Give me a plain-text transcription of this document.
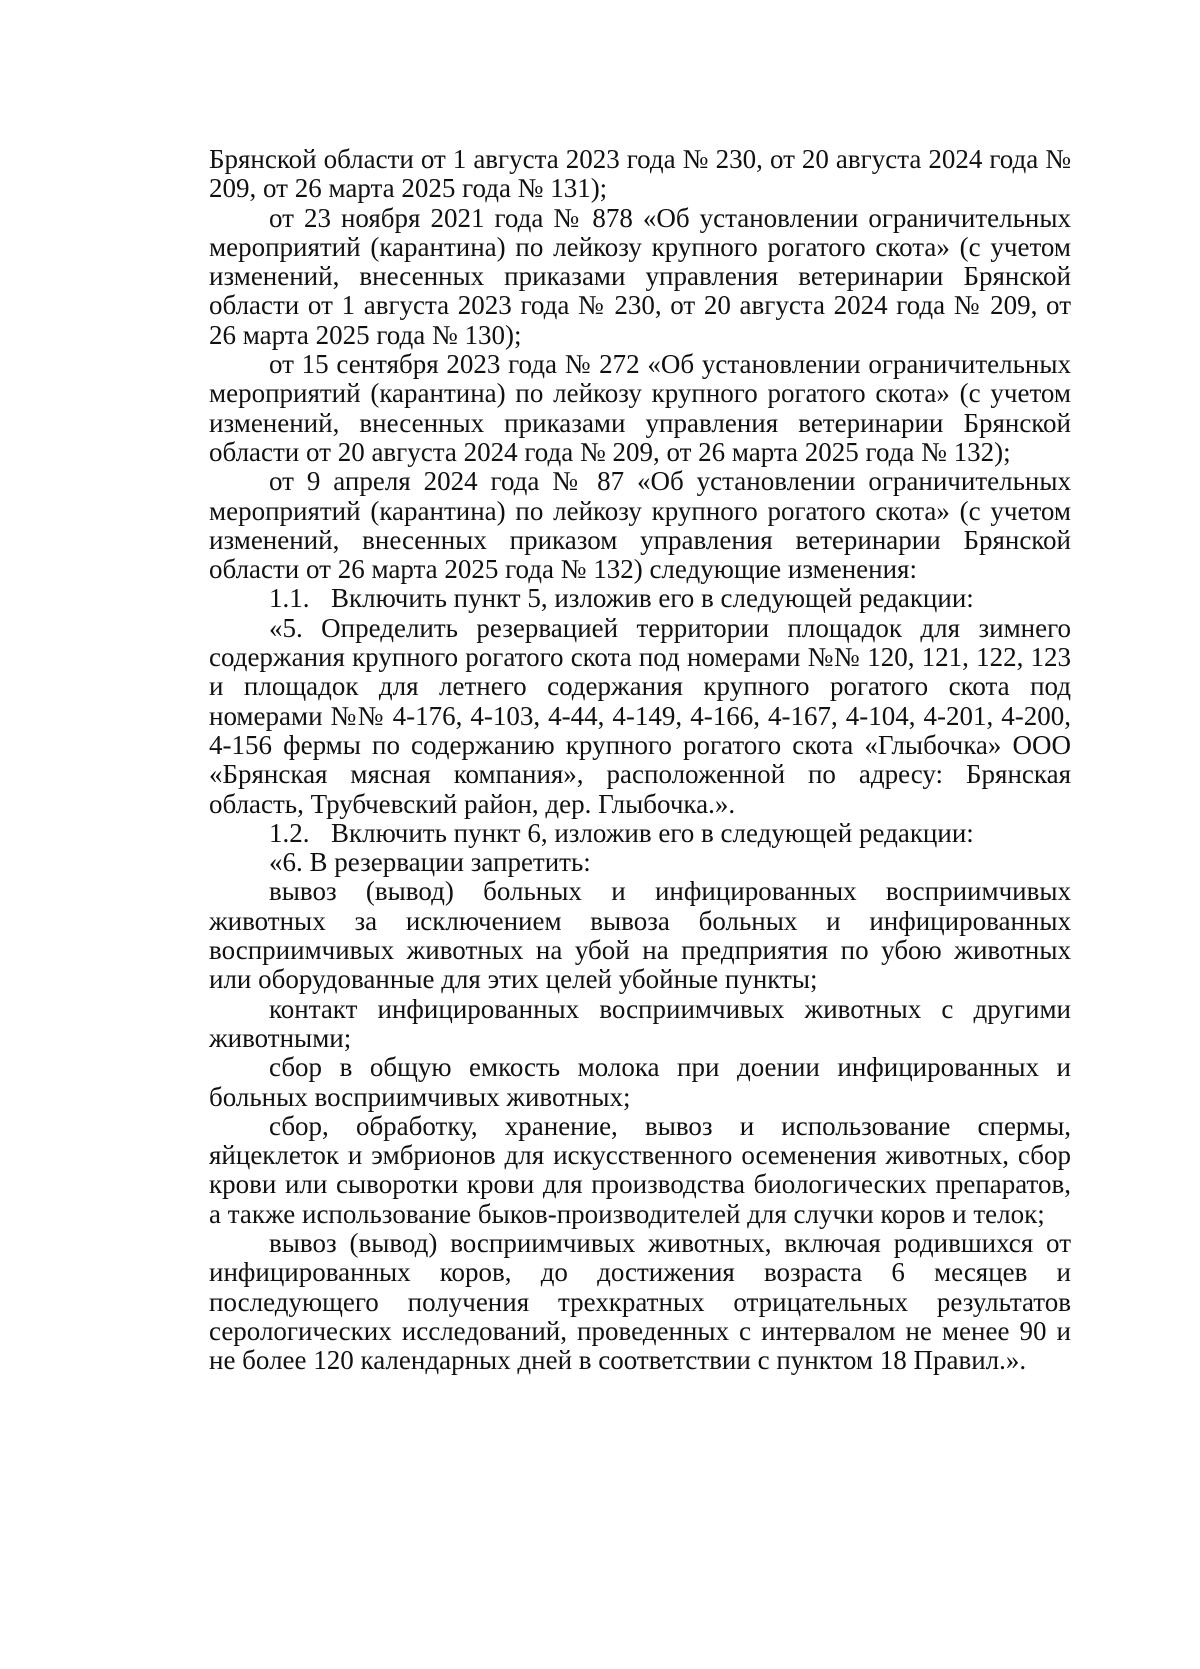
Брянской области от 1 августа 2023 года № 230, от 20 августа 2024 года № 209, от 26 марта 2025 года № 131);

от 23 ноября 2021 года № 878 «Об установлении ограничительных мероприятий (карантина) по лейкозу крупного рогатого скота» (с учетом изменений, внесенных приказами управления ветеринарии Брянской области от 1 августа 2023 года № 230, от 20 августа 2024 года № 209, от 26 марта 2025 года № 130);

от 15 сентября 2023 года № 272 «Об установлении ограничительных мероприятий (карантина) по лейкозу крупного рогатого скота» (с учетом изменений, внесенных приказами управления ветеринарии Брянской области от 20 августа 2024 года № 209, от 26 марта 2025 года № 132);

от 9 апреля 2024 года № 87 «Об установлении ограничительных мероприятий (карантина) по лейкозу крупного рогатого скота» (с учетом изменений, внесенных приказом управления ветеринарии Брянской области от 26 марта 2025 года № 132) следующие изменения:

1.1. Включить пункт 5, изложив его в следующей редакции:

«5. Определить резервацией территории площадок для зимнего содержания крупного рогатого скота под номерами №№ 120, 121, 122, 123 и площадок для летнего содержания крупного рогатого скота под номерами №№ 4-176, 4-103, 4-44, 4-149, 4-166, 4-167, 4-104, 4-201, 4-200, 4-156 фермы по содержанию крупного рогатого скота «Глыбочка» ООО «Брянская мясная компания», расположенной по адресу: Брянская область, Трубчевский район, дер. Глыбочка.».

1.2. Включить пункт 6, изложив его в следующей редакции:

«6. В резервации запретить:

вывоз (вывод) больных и инфицированных восприимчивых животных за исключением вывоза больных и инфицированных восприимчивых животных на убой на предприятия по убою животных или оборудованные для этих целей убойные пункты;

контакт инфицированных восприимчивых животных с другими животными;

сбор в общую емкость молока при доении инфицированных и больных восприимчивых животных;

сбор, обработку, хранение, вывоз и использование спермы, яйцеклеток и эмбрионов для искусственного осеменения животных, сбор крови или сыворотки крови для производства биологических препаратов, а также использование быков-производителей для случки коров и телок;

вывоз (вывод) восприимчивых животных, включая родившихся от инфицированных коров, до достижения возраста 6 месяцев и последующего получения трехкратных отрицательных результатов серологических исследований, проведенных с интервалом не менее 90 и не более 120 календарных дней в соответствии с пунктом 18 Правил.».
